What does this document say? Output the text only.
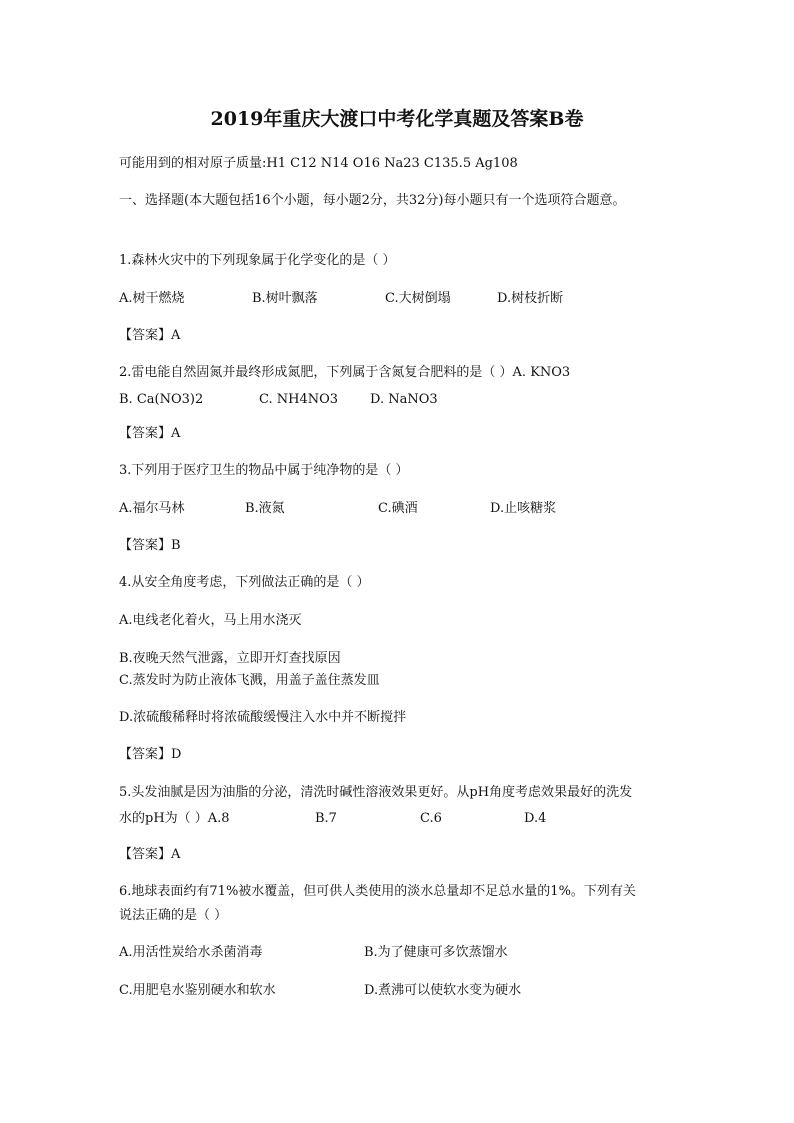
2019年重庆大渡口中考化学真题及答案B卷
可能用到的相对原子质量:H1 C12 N14 O16 Na23 C135.5 Ag108
一、选择题(本大题包括16个小题，每小题2分，共32分)每小题只有一个选项符合题意。
1.森林火灾中的下列现象属于化学变化的是（ ）
A.树干燃烧	B.树叶飘落	C.大树倒塌	D.树枝折断
【答案】A
2.雷电能自然固氮并最终形成氮肥，下列属于含氮复合肥料的是（ ）A. KNO3
B. Ca(NO3)2	C. NH4NO3 D. NaNO3
【答案】A
3.下列用于医疗卫生的物品中属于纯净物的是（ ）
A.福尔马林	B.液氮	C.碘酒	D.止咳糖浆
【答案】B
4.从安全角度考虑，下列做法正确的是（ ）
A.电线老化着火，马上用水浇灭
B.夜晚天然气泄露，立即开灯查找原因
C.蒸发时为防止液体飞溅，用盖子盖住蒸发皿
D.浓硫酸稀释时将浓硫酸缓慢注入水中并不断搅拌
【答案】D
5.头发油腻是因为油脂的分泌，清洗时碱性溶液效果更好。从pH角度考虑效果最好的洗发
水的pH为（ ）A.8	B.7	C.6	D.4
【答案】A
6.地球表面约有71%被水覆盖，但可供人类使用的淡水总量却不足总水量的1%。下列有关
说法正确的是（ ）
A.用活性炭给水杀菌消毒	B.为了健康可多饮蒸馏水
C.用肥皂水鉴别硬水和软水	D.煮沸可以使软水变为硬水
